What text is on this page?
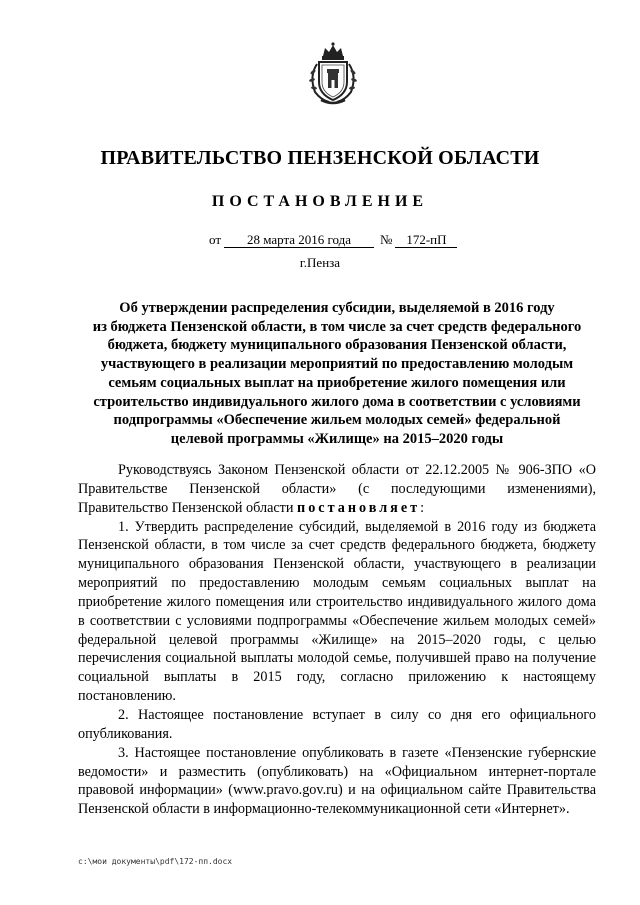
ПРАВИТЕЛЬСТВО ПЕНЗЕНСКОЙ ОБЛАСТИ
ПОСТАНОВЛЕНИЕ
от 28 марта 2016 года № 172-пП
г.Пенза
Об утверждении распределения субсидии, выделяемой в 2016 году
из бюджета Пензенской области, в том числе за счет средств федерального
бюджета, бюджету муниципального образования Пензенской области,
участвующего в реализации мероприятий по предоставлению молодым
семьям социальных выплат на приобретение жилого помещения или
строительство индивидуального жилого дома в соответствии с условиями
подпрограммы «Обеспечение жильем молодых семей» федеральной
целевой программы «Жилище» на 2015–2020 годы

Руководствуясь Законом Пензенской области от 22.12.2005 № 906-ЗПО «О Правительстве Пензенской области» (с последующими изменениями), Правительство Пензенской области постановляет:

1. Утвердить распределение субсидий, выделяемой в 2016 году из бюджета Пензенской области, в том числе за счет средств федерального бюджета, бюджету муниципального образования Пензенской области, участвующего в реализации мероприятий по предоставлению молодым семьям социальных выплат на приобретение жилого помещения или строительство индивидуального жилого дома в соответствии с условиями подпрограммы «Обеспечение жильем молодых семей» федеральной целевой программы «Жилище» на 2015–2020 годы, с целью перечисления социальной выплаты молодой семье, получившей право на получение социальной выплаты в 2015 году, согласно приложению к настоящему постановлению.

2. Настоящее постановление вступает в силу со дня его официального опубликования.

3. Настоящее постановление опубликовать в газете «Пензенские губернские ведомости» и разместить (опубликовать) на «Официальном интернет-портале правовой информации» (www.pravo.gov.ru) и на официальном сайте Правительства Пензенской области в информационно-телекоммуникационной сети «Интернет».

c:\мои документы\pdf\172-пп.docx
